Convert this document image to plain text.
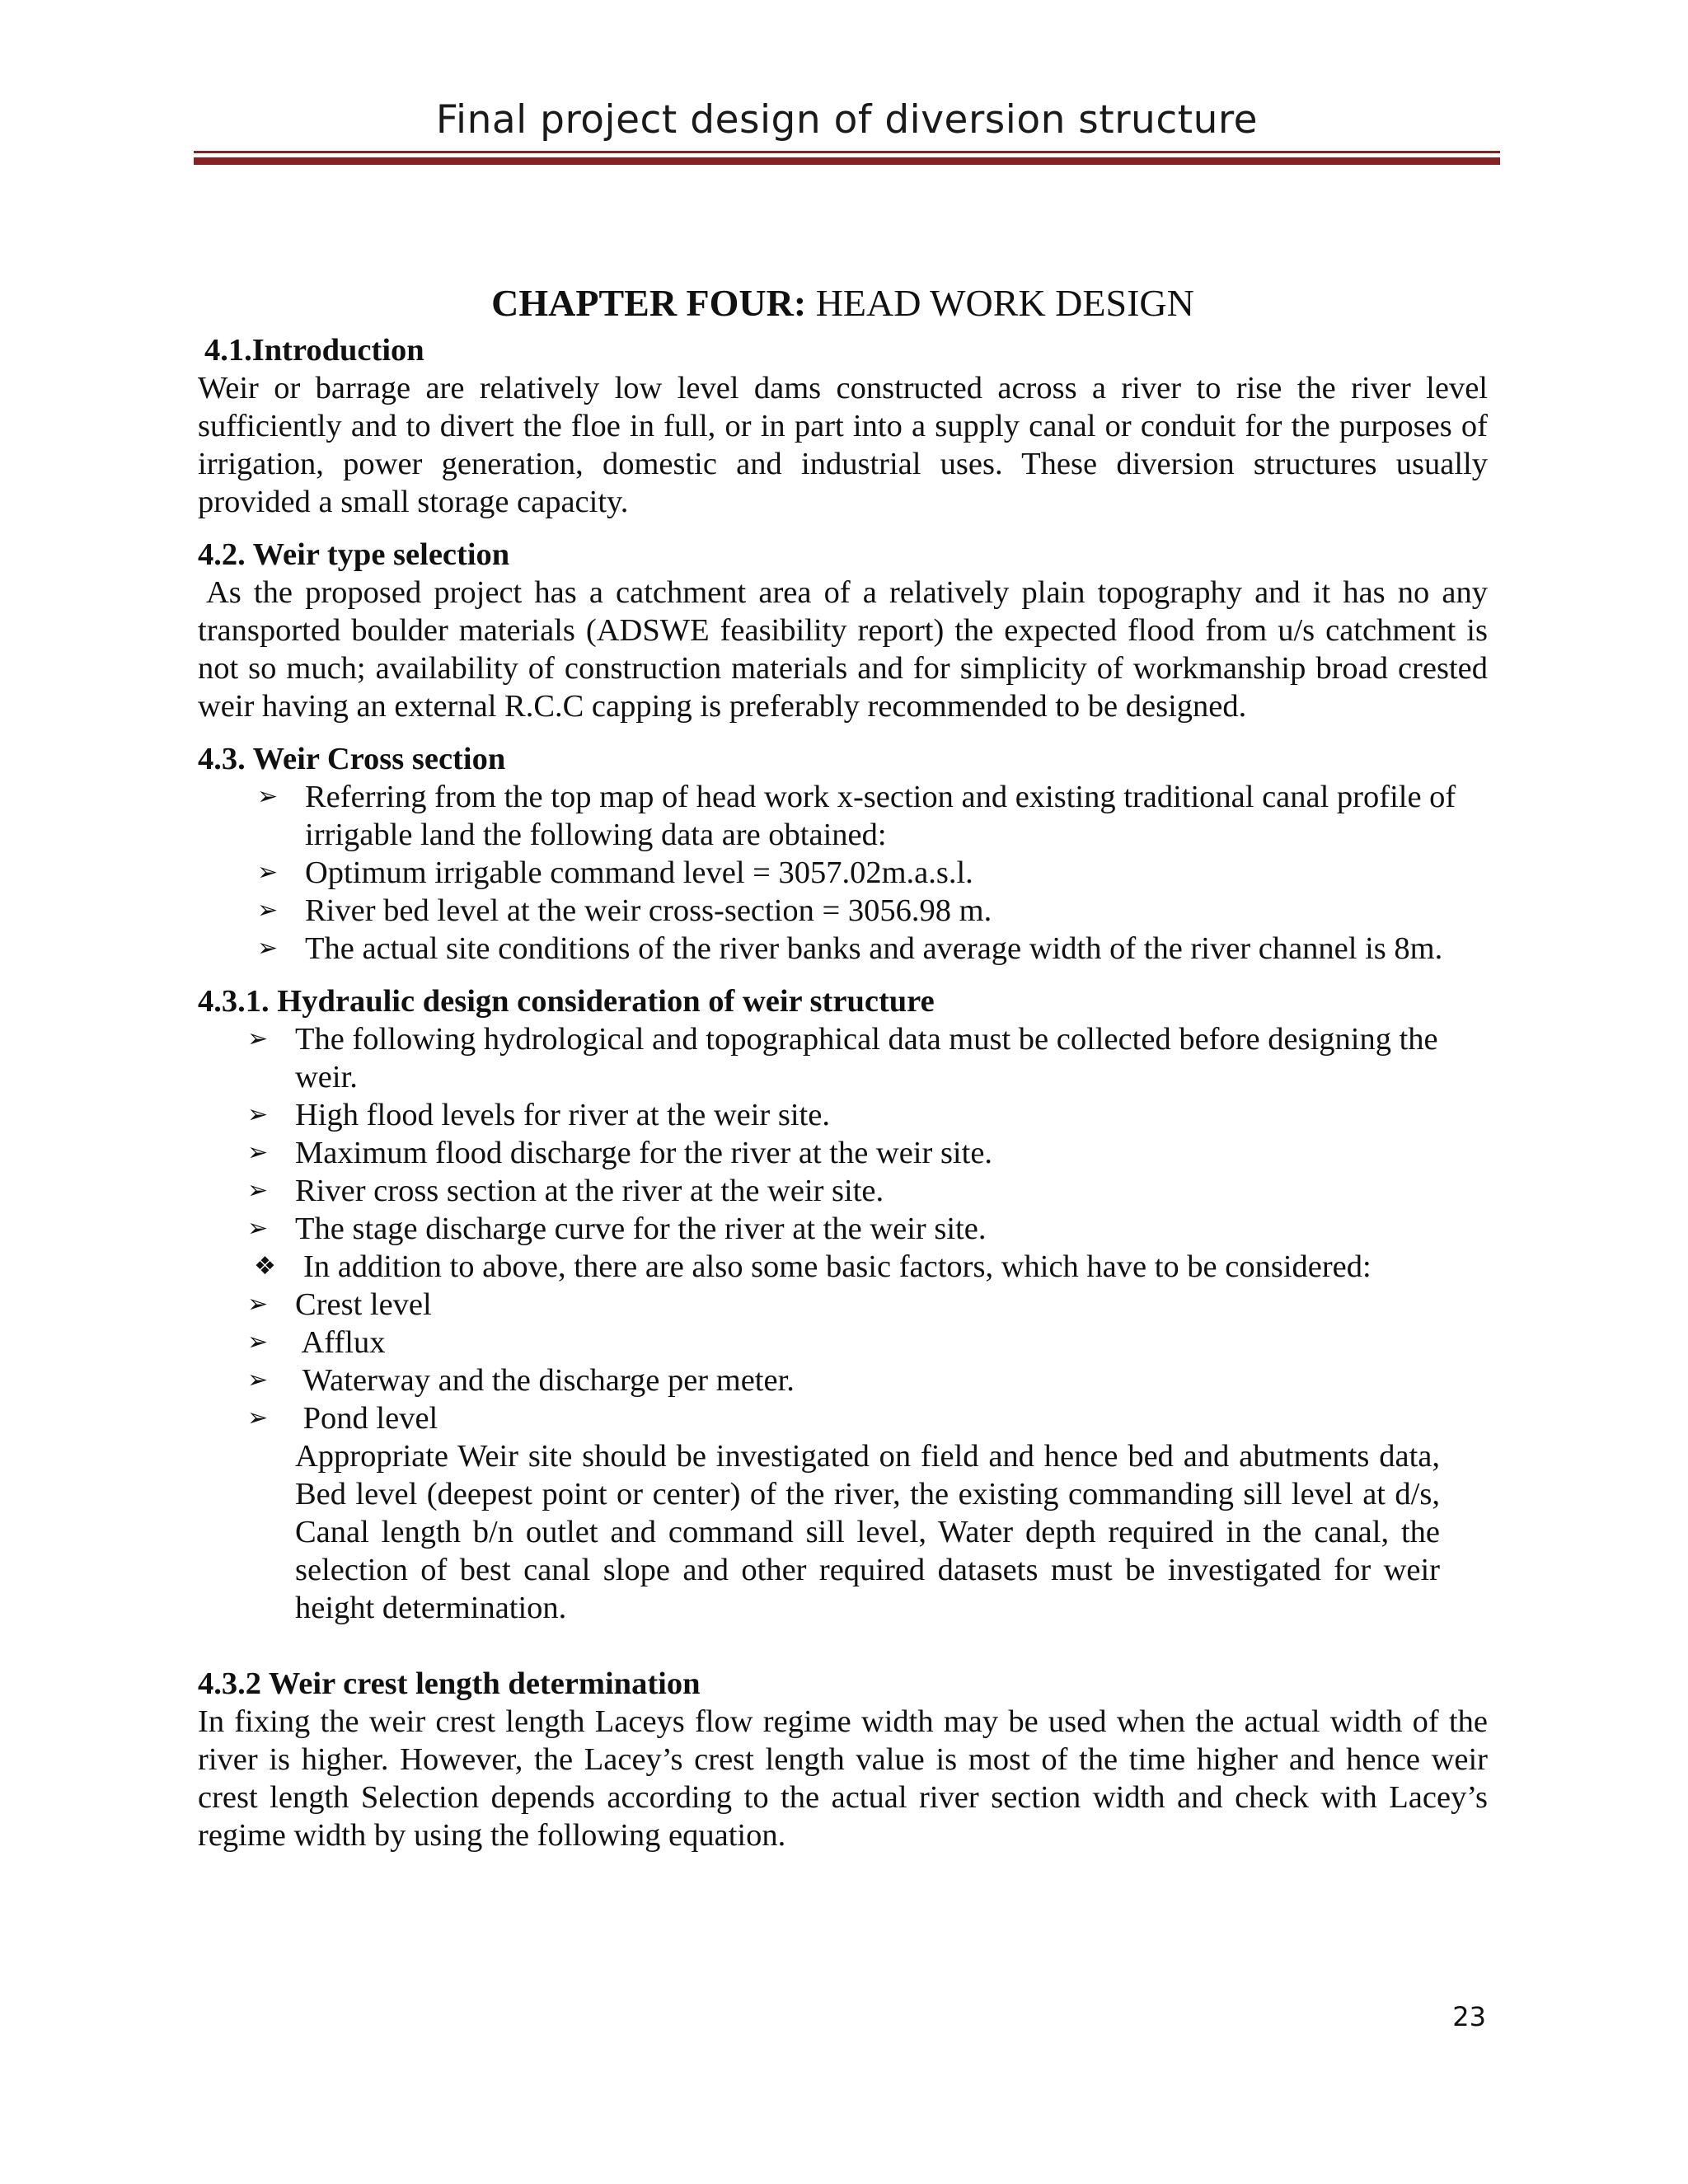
Final project design of diversion structure
CHAPTER FOUR: HEAD WORK DESIGN
4.1.Introduction

Weir or barrage are relatively low level dams constructed across a river to rise the river level sufficiently and to divert the floe in full, or in part into a supply canal or conduit for the purposes of irrigation, power generation, domestic and industrial uses. These diversion structures usually provided a small storage capacity.

4.2. Weir type selection

As the proposed project has a catchment area of a relatively plain topography and it has no any transported boulder materials (ADSWE feasibility report) the expected flood from u/s catchment is not so much; availability of construction materials and for simplicity of workmanship broad crested weir having an external R.C.C capping is preferably recommended to be designed.

4.3. Weir Cross section
➢ Referring from the top map of head work x-section and existing traditional canal profile of irrigable land the following data are obtained:
➢ Optimum irrigable command level = 3057.02m.a.s.l.
➢ River bed level at the weir cross-section = 3056.98 m.
➢ The actual site conditions of the river banks and average width of the river channel is 8m.
4.3.1. Hydraulic design consideration of weir structure
➢ The following hydrological and topographical data must be collected before designing the weir.
➢ High flood levels for river at the weir site.
➢ Maximum flood discharge for the river at the weir site.
➢ River cross section at the river at the weir site.
➢ The stage discharge curve for the river at the weir site.
❖ In addition to above, there are also some basic factors, which have to be considered:
➢ Crest level
➢ Afflux
➢ Waterway and the discharge per meter.
➢ Pond level

Appropriate Weir site should be investigated on field and hence bed and abutments data, Bed level (deepest point or center) of the river, the existing commanding sill level at d/s, Canal length b/n outlet and command sill level, Water depth required in the canal, the selection of best canal slope and other required datasets must be investigated for weir height determination.

4.3.2 Weir crest length determination

In fixing the weir crest length Laceys flow regime width may be used when the actual width of the river is higher. However, the Lacey’s crest length value is most of the time higher and hence weir crest length Selection depends according to the actual river section width and check with Lacey’s regime width by using the following equation.

23
